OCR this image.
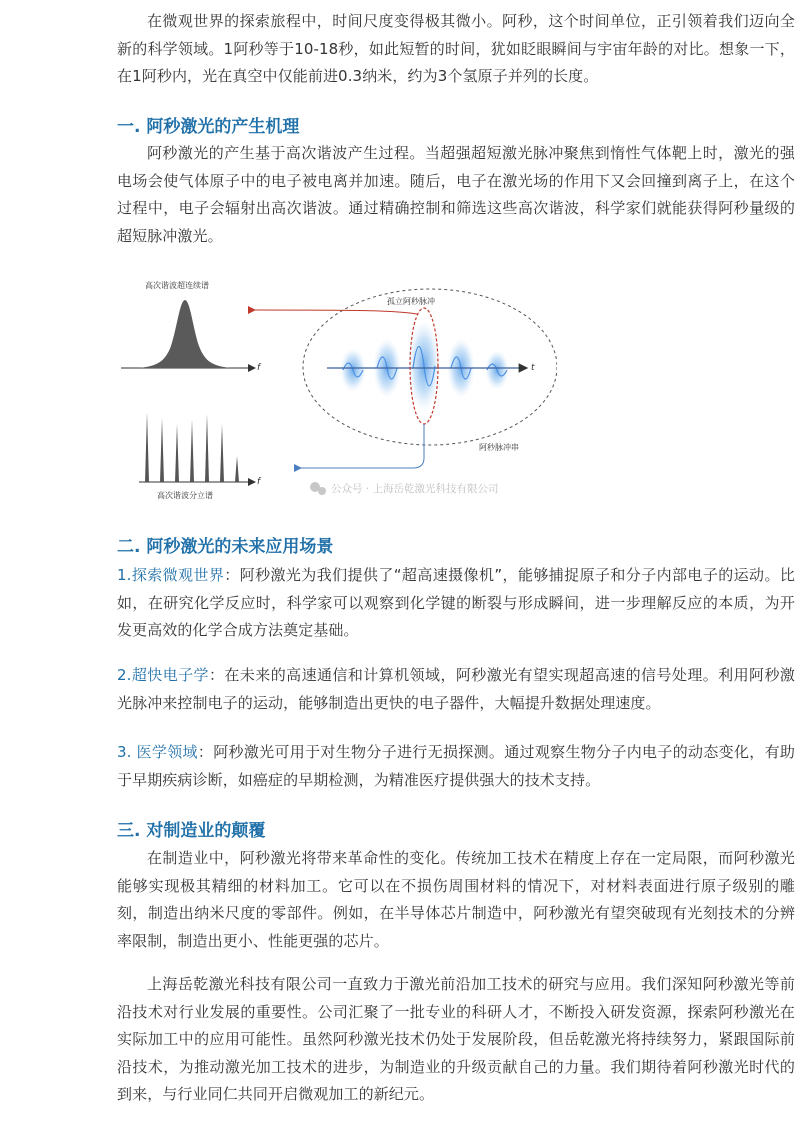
在微观世界的探索旅程中，时间尺度变得极其微小。阿秒，这个时间单位，正引领着我们迈向全新的科学领域。1阿秒等于10-18秒，如此短暂的时间，犹如眨眼瞬间与宇宙年龄的对比。想象一下，在1阿秒内，光在真空中仅能前进0.3纳米，约为3个氢原子并列的长度。

一. 阿秒激光的产生机理

阿秒激光的产生基于高次谐波产生过程。当超强超短激光脉冲聚焦到惰性气体靶上时，激光的强电场会使气体原子中的电子被电离并加速。随后，电子在激光场的作用下又会回撞到离子上，在这个过程中，电子会辐射出高次谐波。通过精确控制和筛选这些高次谐波，科学家们就能获得阿秒量级的超短脉冲激光。

高次谐波超连续谱
f
f
高次谐波分立谱
孤立阿秒脉冲
t
阿秒脉冲串
公众号 · 上海岳乾激光科技有限公司
二. 阿秒激光的未来应用场景

1.探索微观世界：阿秒激光为我们提供了“超高速摄像机”，能够捕捉原子和分子内部电子的运动。比如，在研究化学反应时，科学家可以观察到化学键的断裂与形成瞬间，进一步理解反应的本质，为开发更高效的化学合成方法奠定基础。

2.超快电子学：在未来的高速通信和计算机领域，阿秒激光有望实现超高速的信号处理。利用阿秒激光脉冲来控制电子的运动，能够制造出更快的电子器件，大幅提升数据处理速度。

3. 医学领域：阿秒激光可用于对生物分子进行无损探测。通过观察生物分子内电子的动态变化，有助于早期疾病诊断，如癌症的早期检测，为精准医疗提供强大的技术支持。

三. 对制造业的颠覆

在制造业中，阿秒激光将带来革命性的变化。传统加工技术在精度上存在一定局限，而阿秒激光能够实现极其精细的材料加工。它可以在不损伤周围材料的情况下，对材料表面进行原子级别的雕刻，制造出纳米尺度的零部件。例如，在半导体芯片制造中，阿秒激光有望突破现有光刻技术的分辨率限制，制造出更小、性能更强的芯片。

上海岳乾激光科技有限公司一直致力于激光前沿加工技术的研究与应用。我们深知阿秒激光等前沿技术对行业发展的重要性。公司汇聚了一批专业的科研人才，不断投入研发资源，探索阿秒激光在实际加工中的应用可能性。虽然阿秒激光技术仍处于发展阶段，但岳乾激光将持续努力，紧跟国际前沿技术，为推动激光加工技术的进步，为制造业的升级贡献自己的力量。我们期待着阿秒激光时代的到来，与行业同仁共同开启微观加工的新纪元。
